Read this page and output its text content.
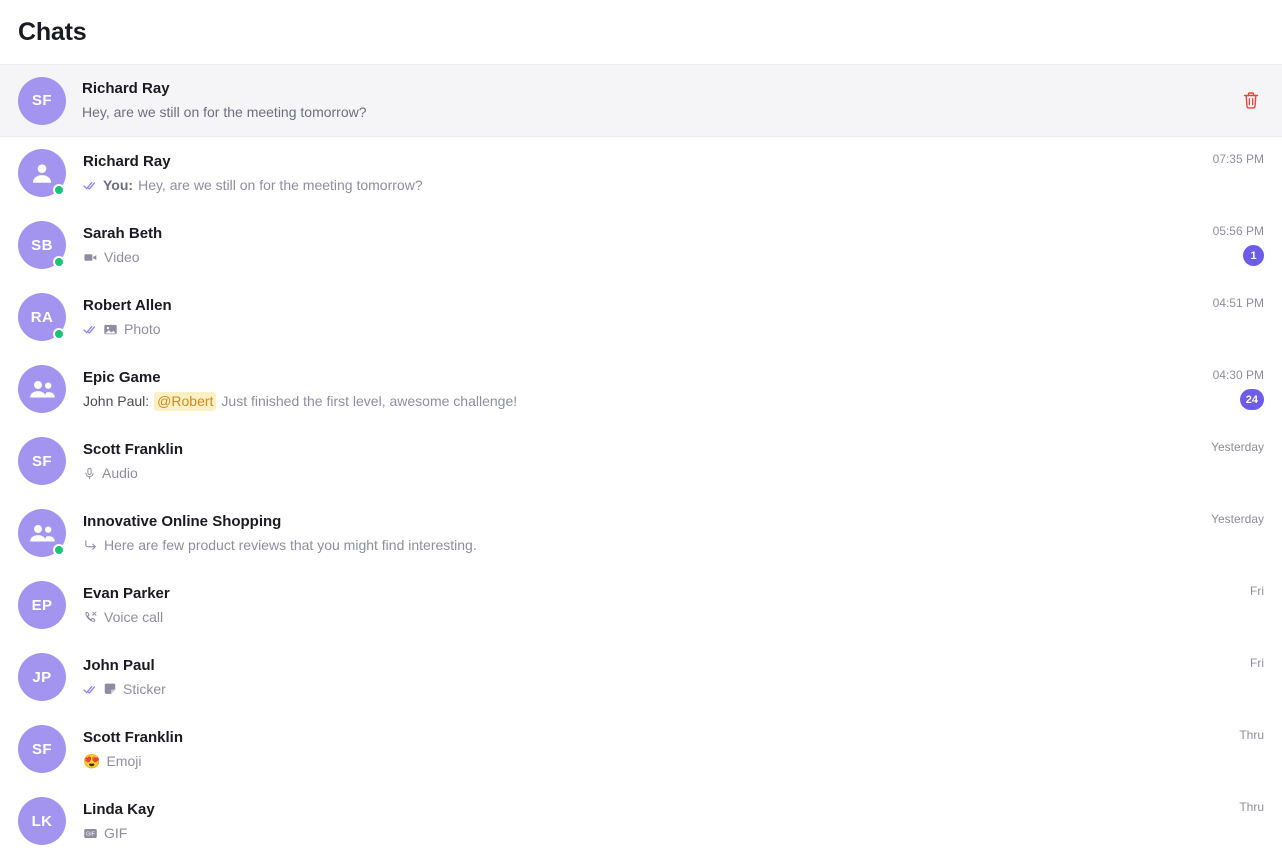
Chats
SF
Richard Ray
Hey, are we still on for the meeting tomorrow?
Richard Ray
You: Hey, are we still on for the meeting tomorrow?
07:35 PM
SB
Sarah Beth
Video
05:56 PM
1
RA
Robert Allen
Photo
04:51 PM
Epic Game
John Paul: @Robert Just finished the first level, awesome challenge!
04:30 PM
24
SF
Scott Franklin
Audio
Yesterday
Innovative Online Shopping
Here are few product reviews that you might find interesting.
Yesterday
EP
Evan Parker
Voice call
Fri
JP
John Paul
Sticker
Fri
SF
Scott Franklin
😍 Emoji
Thru
LK
Linda Kay
GIF GIF
Thru
